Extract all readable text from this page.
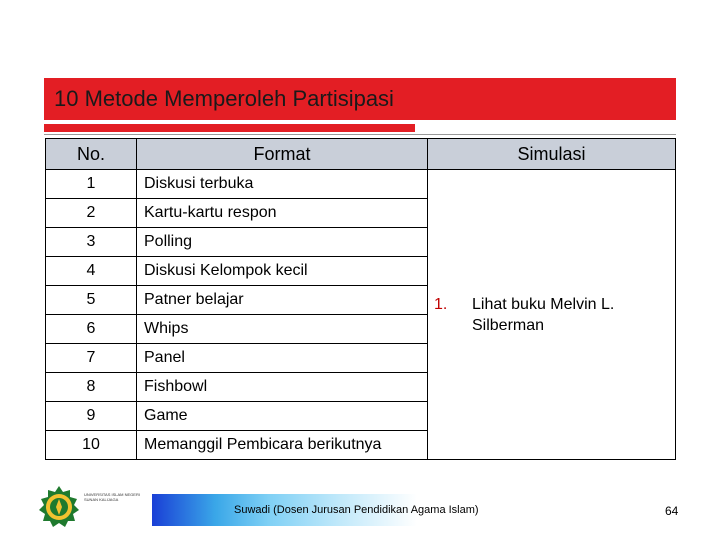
10 Metode Memperoleh Partisipasi
No.	Format	Simulasi
1	Diskusi terbuka	1. Lihat buku Melvin L. Silberman

2	Kartu-kartu respon	
3	Polling	
4	Diskusi Kelompok kecil	
5	Patner belajar	
6	Whips	
7	Panel	
8	Fishbowl	
9	Game	
10	Memanggil Pembicara berikutnya	
UNIVERSITAS ISLAM NEGERI SUNAN KALIJAGA
Suwadi (Dosen Jurusan Pendidikan Agama Islam)	64
